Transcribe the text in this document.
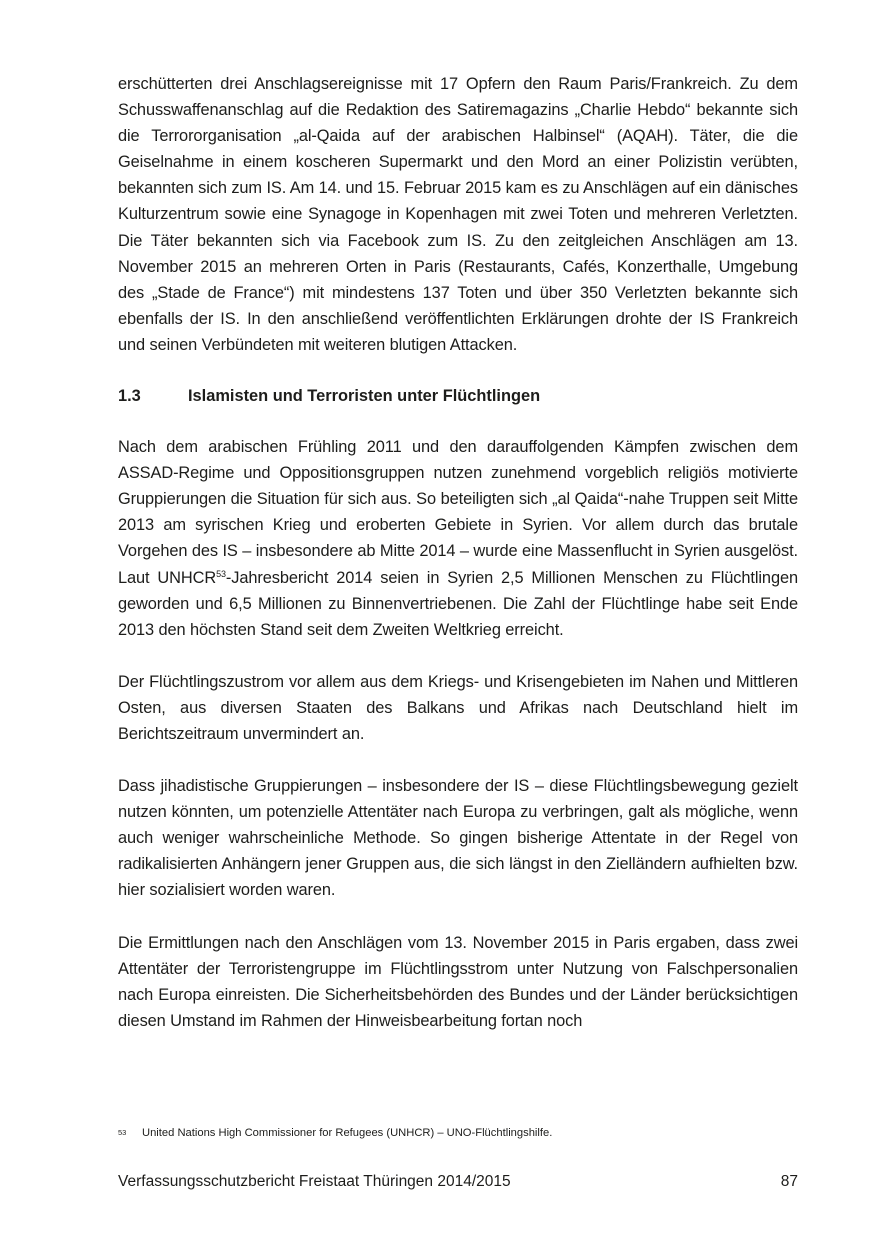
erschütterten drei Anschlagsereignisse mit 17 Opfern den Raum Paris/Frankreich. Zu dem Schusswaffenanschlag auf die Redaktion des Satiremagazins „Charlie Hebdo“ bekannte sich die Terrororganisation „al-Qaida auf der arabischen Halbinsel“ (AQAH). Täter, die die Geiselnahme in einem koscheren Supermarkt und den Mord an einer Polizistin verübten, bekannten sich zum IS. Am 14. und 15. Februar 2015 kam es zu Anschlägen auf ein dänisches Kulturzentrum sowie eine Synagoge in Kopenhagen mit zwei Toten und mehreren Verletzten. Die Täter bekannten sich via Facebook zum IS. Zu den zeitgleichen Anschlägen am 13. November 2015 an mehreren Orten in Paris (Restaurants, Cafés, Konzerthalle, Umgebung des „Stade de France“) mit mindestens 137 Toten und über 350 Verletzten bekannte sich ebenfalls der IS. In den anschließend veröffentlichten Erklärungen drohte der IS Frankreich und seinen Verbündeten mit weiteren blutigen Attacken.

1.3	Islamisten und Terroristen unter Flüchtlingen

Nach dem arabischen Frühling 2011 und den darauffolgenden Kämpfen zwischen dem ASSAD-Regime und Oppositionsgruppen nutzen zunehmend vorgeblich religiös motivierte Gruppierungen die Situation für sich aus. So beteiligten sich „al Qaida“-nahe Truppen seit Mitte 2013 am syrischen Krieg und eroberten Gebiete in Syrien. Vor allem durch das brutale Vorgehen des IS – insbesondere ab Mitte 2014 – wurde eine Massenflucht in Syrien ausgelöst. Laut UNHCR$^{53}$-Jahresbericht 2014 seien in Syrien 2,5 Millionen Menschen zu Flüchtlingen geworden und 6,5 Millionen zu Binnenvertriebenen. Die Zahl der Flüchtlinge habe seit Ende 2013 den höchsten Stand seit dem Zweiten Weltkrieg erreicht.

Der Flüchtlingszustrom vor allem aus dem Kriegs- und Krisengebieten im Nahen und Mittleren Osten, aus diversen Staaten des Balkans und Afrikas nach Deutschland hielt im Berichtszeitraum unvermindert an.

Dass jihadistische Gruppierungen – insbesondere der IS – diese Flüchtlingsbewegung gezielt nutzen könnten, um potenzielle Attentäter nach Europa zu verbringen, galt als mögliche, wenn auch weniger wahrscheinliche Methode. So gingen bisherige Attentate in der Regel von radikalisierten Anhängern jener Gruppen aus, die sich längst in den Zielländern aufhielten bzw. hier sozialisiert worden waren.

Die Ermittlungen nach den Anschlägen vom 13. November 2015 in Paris ergaben, dass zwei Attentäter der Terroristengruppe im Flüchtlingsstrom unter Nutzung von Falschpersonalien nach Europa einreisten. Die Sicherheitsbehörden des Bundes und der Länder berücksichtigen diesen Umstand im Rahmen der Hinweisbearbeitung fortan noch

53	United Nations High Commissioner for Refugees (UNHCR) – UNO-Flüchtlingshilfe.
Verfassungsschutzbericht Freistaat Thüringen 2014/2015	87
